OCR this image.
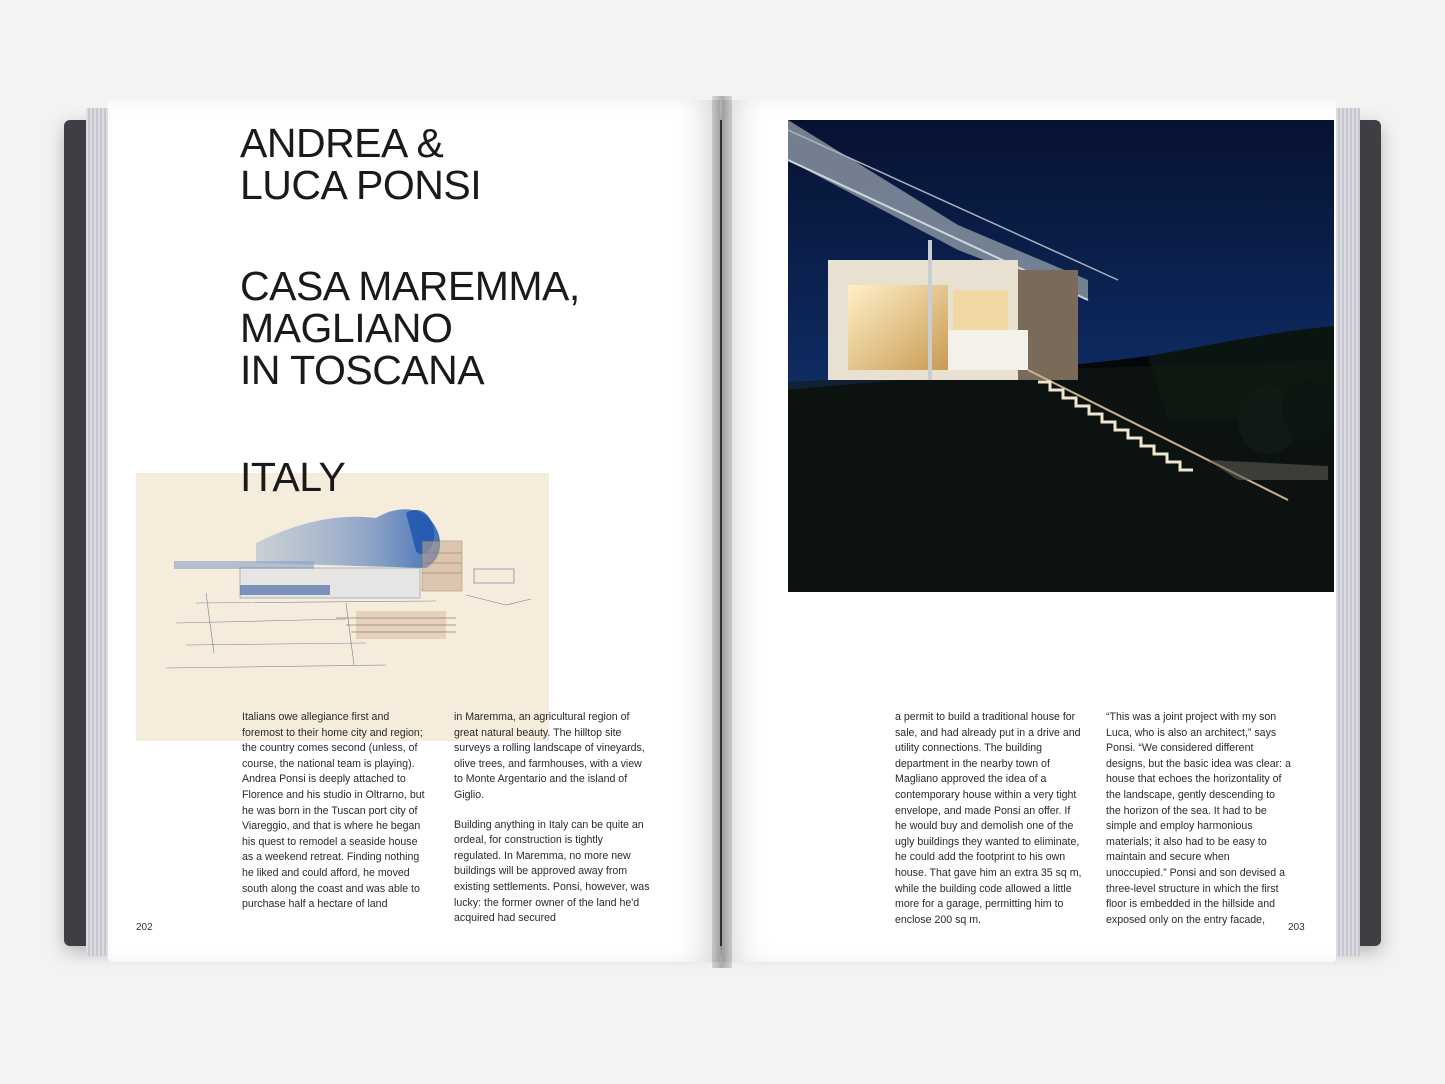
ANDREA &
LUCA PONSI
CASA MAREMMA,
MAGLIANO
IN TOSCANA
ITALY

Italians owe allegiance first and foremost to their home city and region; the country comes second (unless, of course, the national team is playing). Andrea Ponsi is deeply attached to Florence and his studio in Oltrarno, but he was born in the Tuscan port city of Viareggio, and that is where he began his quest to remodel a seaside house as a weekend retreat. Finding nothing he liked and could afford, he moved south along the coast and was able to purchase half a hectare of land

in Maremma, an agricultural region of great natural beauty. The hilltop site surveys a rolling landscape of vineyards, olive trees, and farmhouses, with a view to Monte Argentario and the island of Giglio.

Building anything in Italy can be quite an ordeal, for construction is tightly regulated. In Maremma, no more new buildings will be approved away from existing settlements. Ponsi, however, was lucky: the former owner of the land he'd acquired had secured

202

a permit to build a traditional house for sale, and had already put in a drive and utility connections. The building department in the nearby town of Magliano approved the idea of a contemporary house within a very tight envelope, and made Ponsi an offer. If he would buy and demolish one of the ugly buildings they wanted to eliminate, he could add the footprint to his own house. That gave him an extra 35 sq m, while the building code allowed a little more for a garage, permitting him to enclose 200 sq m.

“This was a joint project with my son Luca, who is also an architect,” says Ponsi. “We considered different designs, but the basic idea was clear: a house that echoes the horizontality of the landscape, gently descending to the horizon of the sea. It had to be simple and employ harmonious materials; it also had to be easy to maintain and secure when unoccupied.” Ponsi and son devised a three-level structure in which the first floor is embedded in the hillside and exposed only on the entry facade,

203
